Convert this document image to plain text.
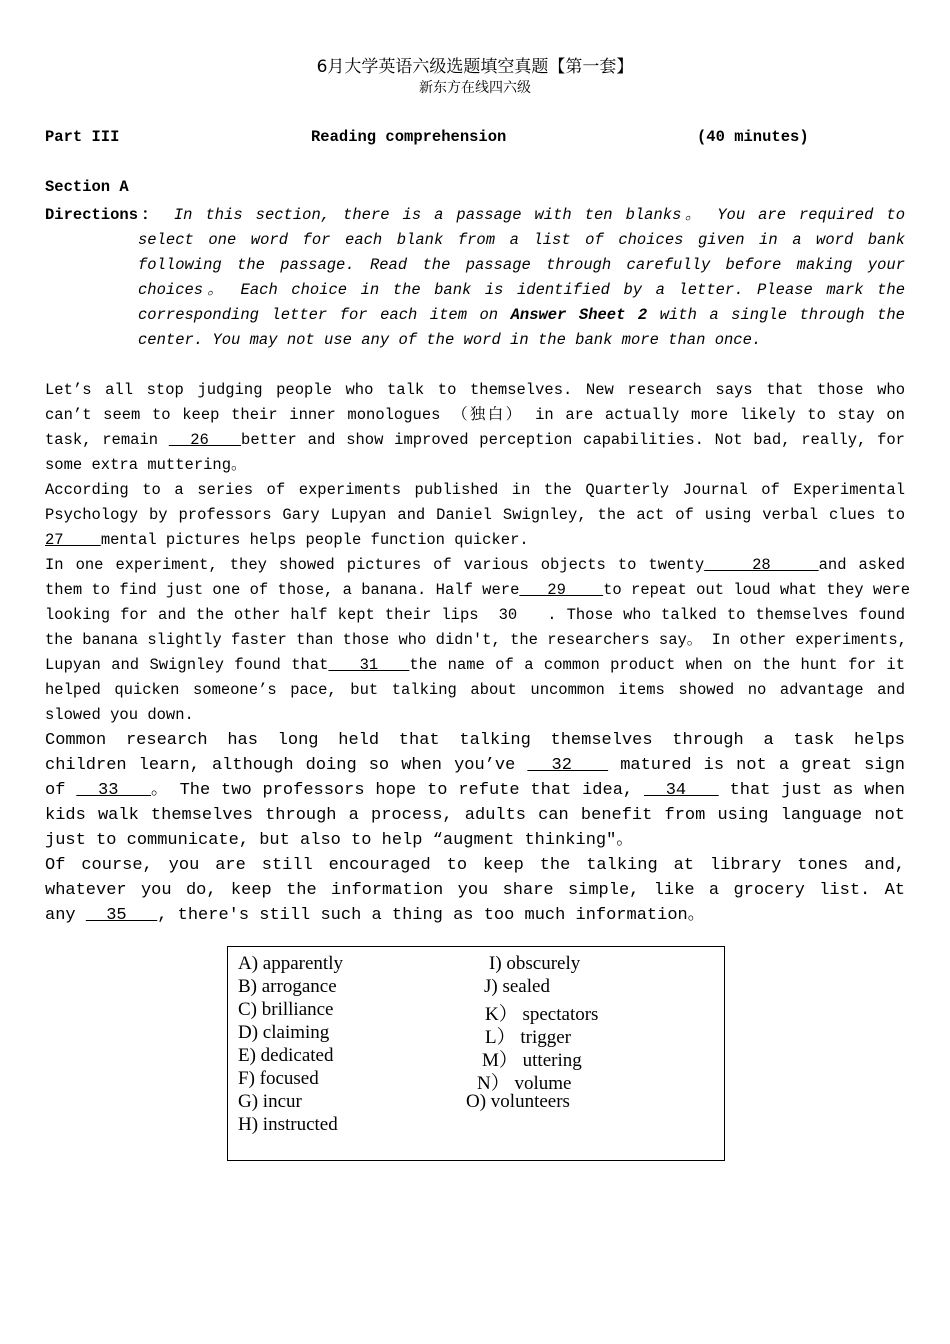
6月大学英语六级选题填空真题【第一套】
新东方在线四六级
Part III	Reading comprehension	(40 minutes)
Section A
Directions： In this section, there is a passage with ten blanks。 You are required to
select one word for each blank from a list of choices given in a word bank
following the passage. Read the passage through carefully before making your
choices。 Each choice in the bank is identified by a letter. Please mark the
corresponding letter for each item on Answer Sheet 2 with a single through the
center. You may not use any of the word in the bank more than once.
Let’s all stop judging people who talk to themselves. New research says that those who
can’t seem to keep their inner monologues （独白） in are actually more likely to stay on
task, remain   26   better and show improved perception capabilities. Not bad, really, for
some extra muttering。
According to a series of experiments published in the Quarterly Journal of Experimental
Psychology by professors Gary Lupyan and Daniel Swignley, the act of using verbal clues to
27    mental pictures helps people function quicker.
In one experiment, they showed pictures of various objects to twenty    28    and asked
them to find just one of those, a banana. Half were   29    to repeat out loud what they were
looking for and the other half kept their lips  30   . Those who talked to themselves found
the banana slightly faster than those who didn't, the researchers say。 In other experiments,
Lupyan and Swignley found that   31   the name of a common product when on the hunt for it
helped quicken someone’s pace, but talking about uncommon items showed no advantage and
slowed you down.
Common research has long held that talking themselves through a task helps
children learn, although doing so when you’ve   32    matured is not a great sign
of   33   。 The two professors hope to refute that idea,   34    that just as when
kids walk themselves through a process, adults can benefit from using language not
just to communicate, but also to help “augment thinking"。
Of course, you are still encouraged to keep the talking at library tones and,
whatever you do, keep the information you share simple, like a grocery list. At
any   35   , there's still such a thing as too much information。
A) apparently
B) arrogance
C) brilliance
D) claiming
E) dedicated
F) focused
G) incur
H) instructed
I) obscurely
J) sealed
K） spectators
L） trigger
M） uttering
N） volume
O) volunteers
